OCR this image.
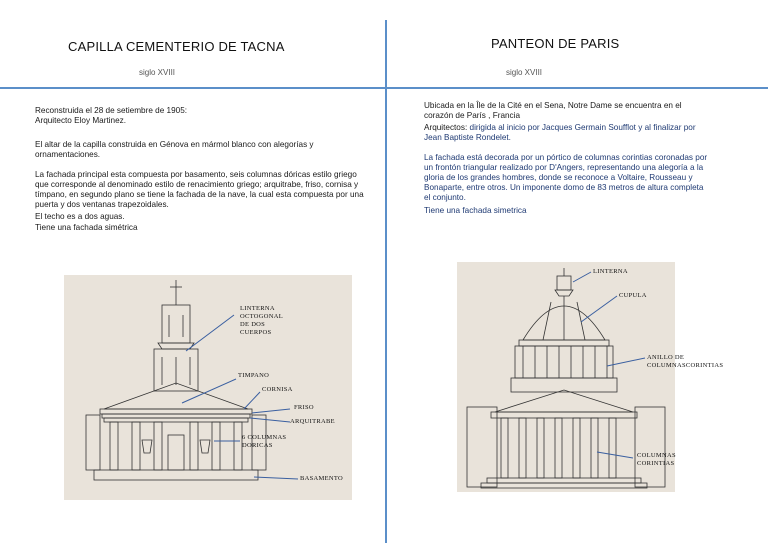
CAPILLA CEMENTERIO DE TACNA
siglo XVIII
Reconstruida el 28 de setiembre de 1905:
Arquitecto Eloy Martinez.
El altar de la capilla construida en Génova en mármol blanco con alegorías y ornamentaciones.
La fachada principal esta compuesta por basamento, seis columnas dóricas estilo griego que corresponde al denominado estilo de renacimiento griego; arquitrabe, friso, cornisa y tímpano, en segundo plano se tiene la fachada de la nave, la cual esta compuesta por una puerta y dos ventanas trapezoidales.
El techo es a dos aguas.
Tiene una fachada simétrica
LINTERNA
OCTOGONAL
DE DOS
CUERPOS
TIMPANO
CORNISA
FRISO
ARQUITRABE
6 COLUMNAS
DORICAS
BASAMENTO
PANTEON DE PARIS
siglo XVIII
Ubicada en la Île de la Cité en el Sena, Notre Dame se encuentra en el corazón de París , Francia
Arquitectos: dirigida al inicio por Jacques Germain Soufflot y al finalizar por Jean Baptiste Rondelet.
La fachada está decorada por un pórtico de columnas corintias coronadas por un frontón triangular realizado por D'Angers, representando una alegoría a la gloria de los grandes hombres, donde se reconoce a Voltaire, Rousseau y Bonaparte, entre otros. Un imponente domo de 83 metros de altura completa el conjunto.
Tiene una fachada simetrica
LINTERNA
CUPULA
ANILLO DE
COLUMNASCORINTIAS
COLUMNAS
CORINTIAS
